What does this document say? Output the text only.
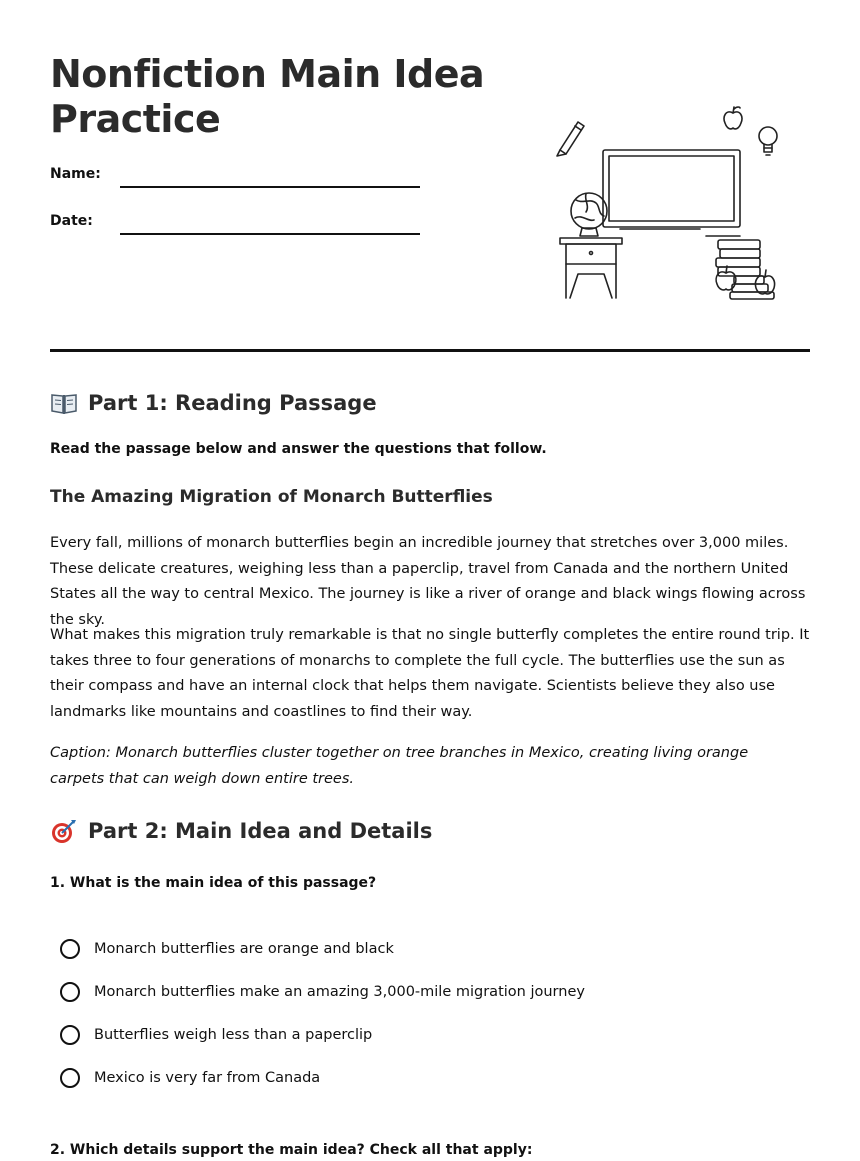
Nonfiction Main Idea
Practice
Name:
Date:
Part 1: Reading Passage

Read the passage below and answer the questions that follow.

The Amazing Migration of Monarch Butterflies

Every fall, millions of monarch butterflies begin an incredible journey that stretches over 3,000 miles. These delicate creatures, weighing less than a paperclip, travel from Canada and the northern United States all the way to central Mexico. The journey is like a river of orange and black wings flowing across the sky.

What makes this migration truly remarkable is that no single butterfly completes the entire round trip. It takes three to four generations of monarchs to complete the full cycle. The butterflies use the sun as their compass and have an internal clock that helps them navigate. Scientists believe they also use landmarks like mountains and coastlines to find their way.

Caption: Monarch butterflies cluster together on tree branches in Mexico, creating living orange carpets that can weigh down entire trees.

Part 2: Main Idea and Details

1. What is the main idea of this passage?

Monarch butterflies are orange and black
Monarch butterflies make an amazing 3,000-mile migration journey
Butterflies weigh less than a paperclip
Mexico is very far from Canada

2. Which details support the main idea? Check all that apply:
